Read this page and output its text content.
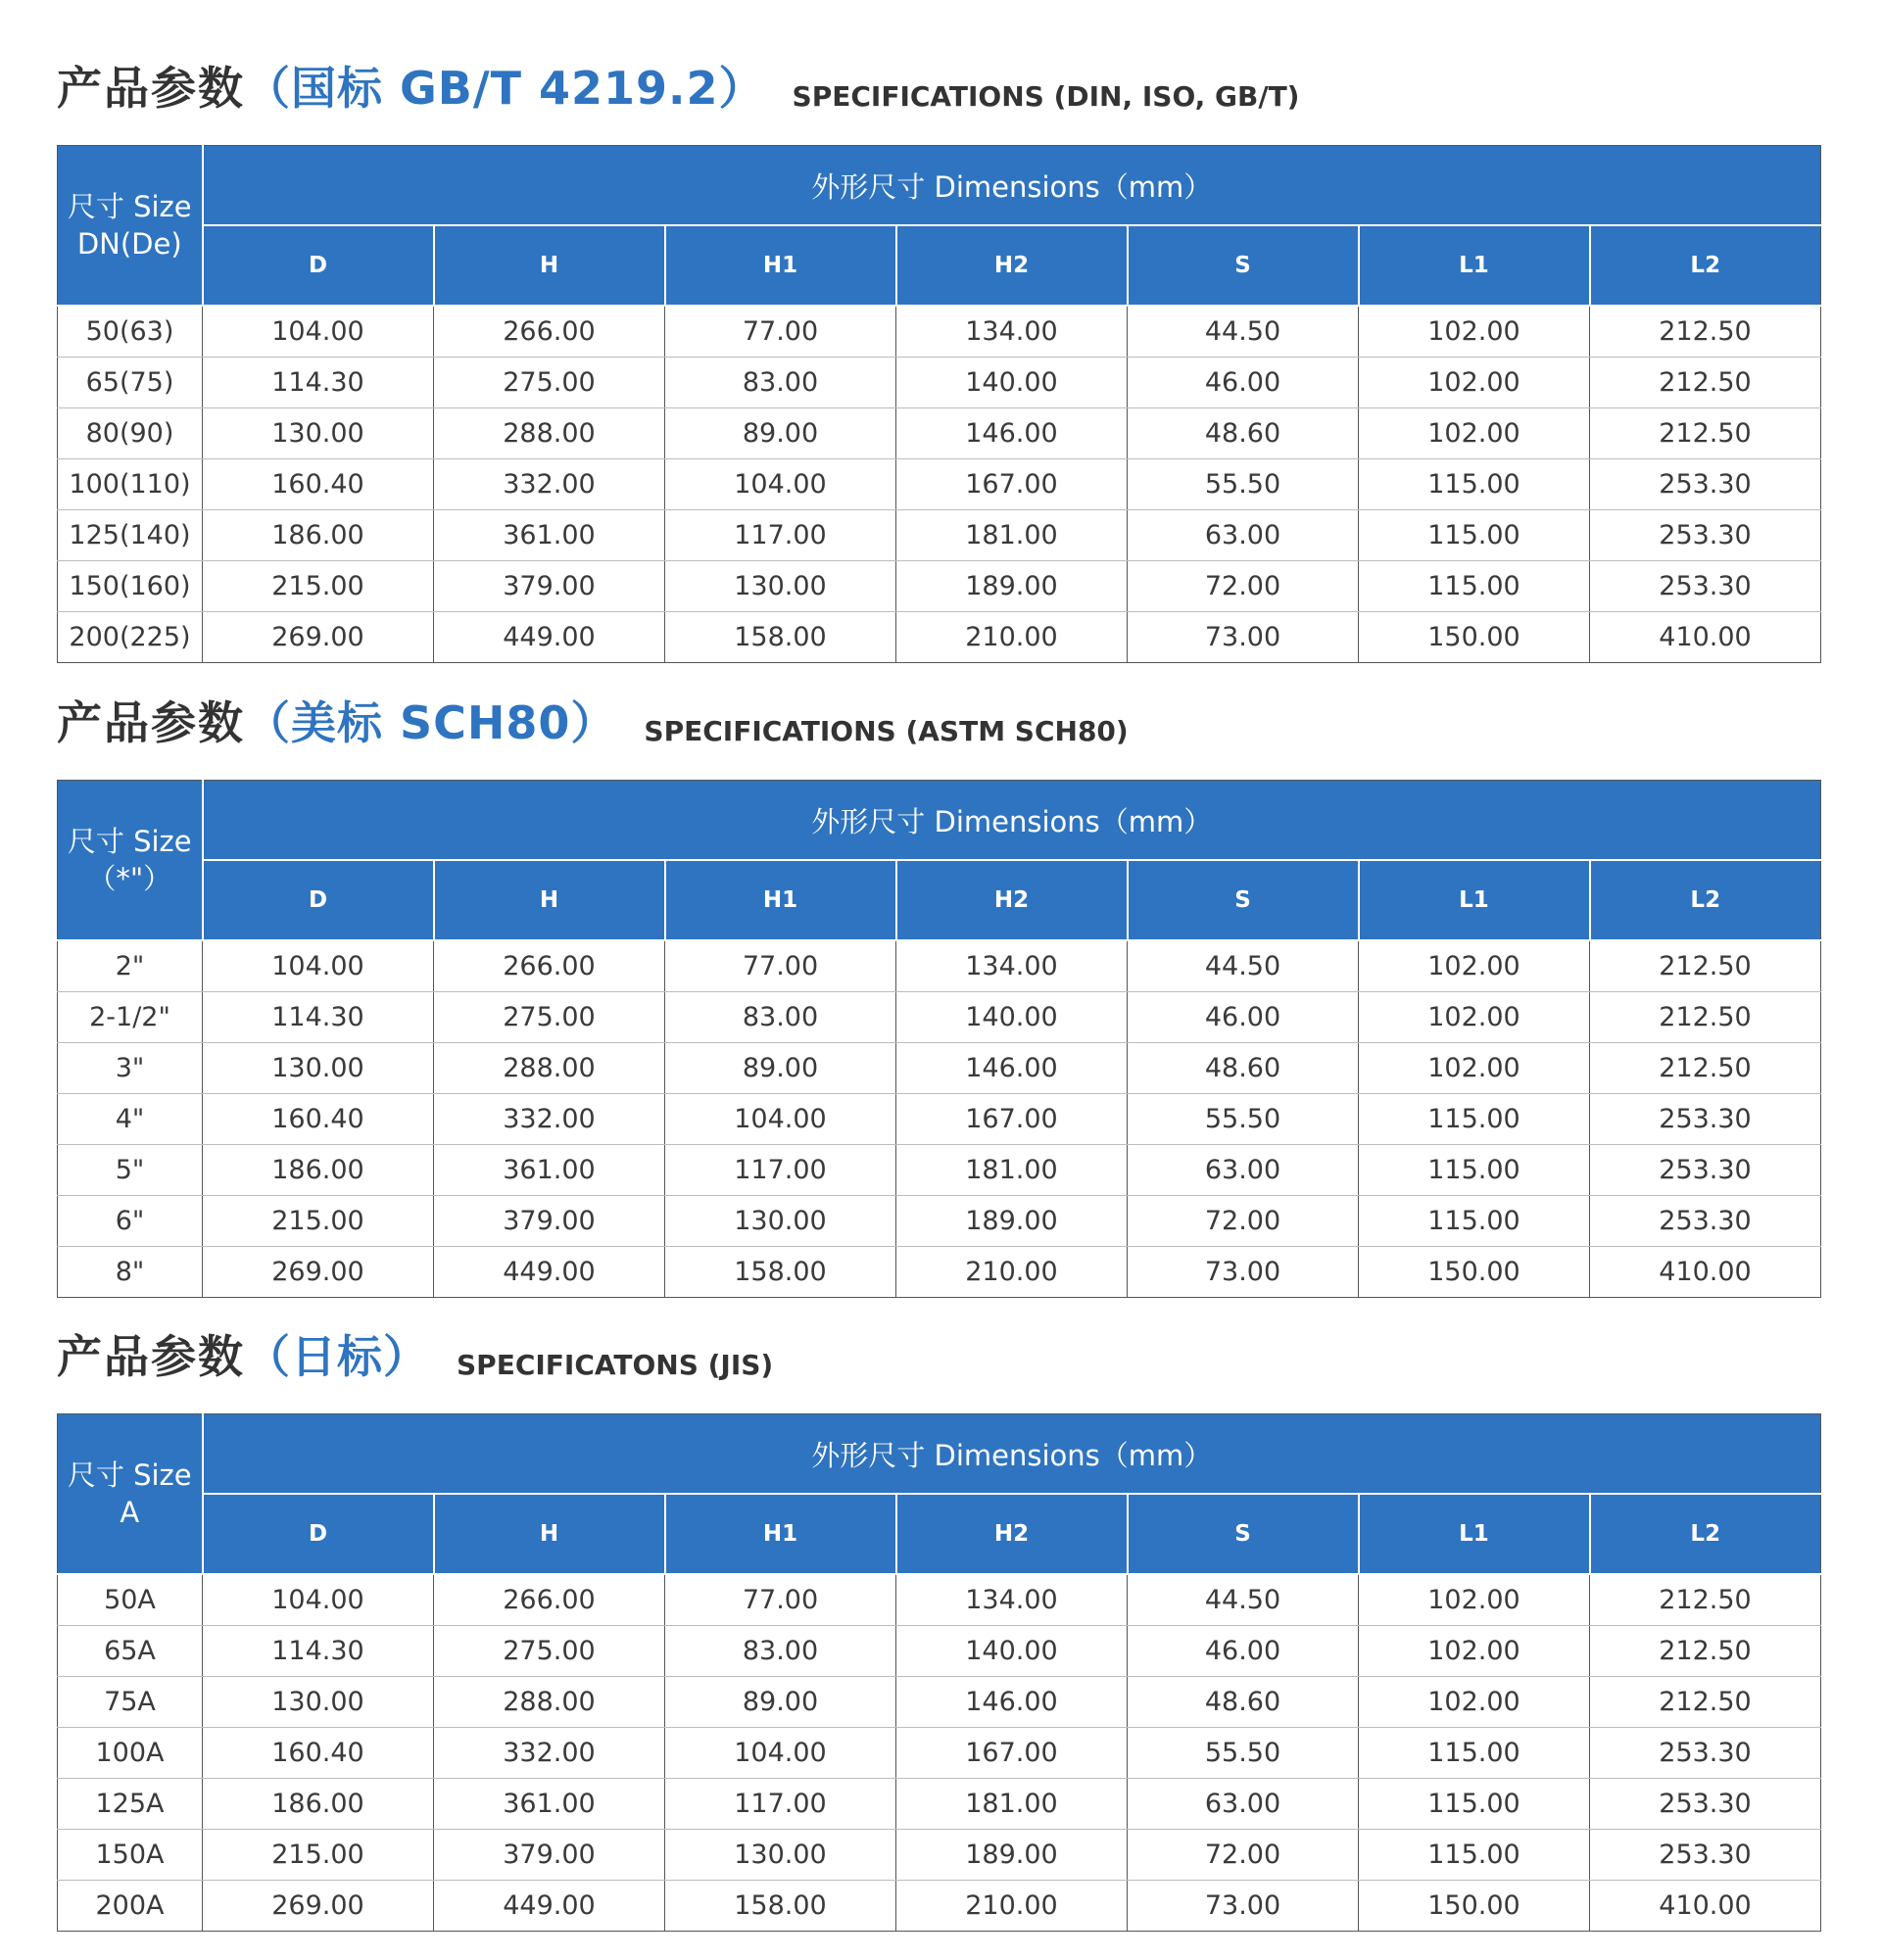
产品参数 （国标 GB/T 4219.2） SPECIFICATIONS (DIN, ISO, GB/T)
尺寸 Size
DN(De)	外形尺寸 Dimensions（mm）						
	D	H	H1	H2	S	L1	L2
50(63)	104.00	266.00	77.00	134.00	44.50	102.00	212.50
65(75)	114.30	275.00	83.00	140.00	46.00	102.00	212.50
80(90)	130.00	288.00	89.00	146.00	48.60	102.00	212.50
100(110)	160.40	332.00	104.00	167.00	55.50	115.00	253.30
125(140)	186.00	361.00	117.00	181.00	63.00	115.00	253.30
150(160)	215.00	379.00	130.00	189.00	72.00	115.00	253.30
200(225)	269.00	449.00	158.00	210.00	73.00	150.00	410.00
产品参数 （美标 SCH80） SPECIFICATIONS (ASTM SCH80)
尺寸 Size
（*"）	外形尺寸 Dimensions（mm）						
	D	H	H1	H2	S	L1	L2
2"	104.00	266.00	77.00	134.00	44.50	102.00	212.50
2-1/2"	114.30	275.00	83.00	140.00	46.00	102.00	212.50
3"	130.00	288.00	89.00	146.00	48.60	102.00	212.50
4"	160.40	332.00	104.00	167.00	55.50	115.00	253.30
5"	186.00	361.00	117.00	181.00	63.00	115.00	253.30
6"	215.00	379.00	130.00	189.00	72.00	115.00	253.30
8"	269.00	449.00	158.00	210.00	73.00	150.00	410.00
产品参数 （日标） SPECIFICATONS (JIS)
尺寸 Size
A	外形尺寸 Dimensions（mm）						
	D	H	H1	H2	S	L1	L2
50A	104.00	266.00	77.00	134.00	44.50	102.00	212.50
65A	114.30	275.00	83.00	140.00	46.00	102.00	212.50
75A	130.00	288.00	89.00	146.00	48.60	102.00	212.50
100A	160.40	332.00	104.00	167.00	55.50	115.00	253.30
125A	186.00	361.00	117.00	181.00	63.00	115.00	253.30
150A	215.00	379.00	130.00	189.00	72.00	115.00	253.30
200A	269.00	449.00	158.00	210.00	73.00	150.00	410.00
